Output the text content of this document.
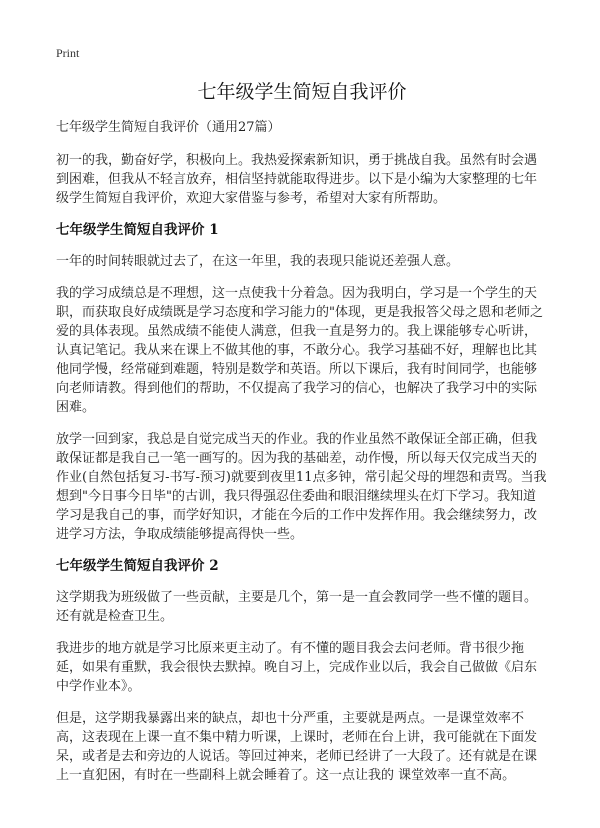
Print
七年级学生简短自我评价
七年级学生简短自我评价（通用27篇）

初一的我，勤奋好学，积极向上。我热爱探索新知识，勇于挑战自我。虽然有时会遇到困难，但我从不轻言放弃，相信坚持就能取得进步。以下是小编为大家整理的七年级学生简短自我评价，欢迎大家借鉴与参考，希望对大家有所帮助。

七年级学生简短自我评价 1

一年的时间转眼就过去了，在这一年里，我的表现只能说还差强人意。

我的学习成绩总是不理想，这一点使我十分着急。因为我明白，学习是一个学生的天职，而获取良好成绩既是学习态度和学习能力的"体现，更是我报答父母之恩和老师之爱的具体表现。虽然成绩不能使人满意，但我一直是努力的。我上课能够专心听讲，认真记笔记。我从来在课上不做其他的事，不敢分心。我学习基础不好，理解也比其他同学慢，经常碰到难题，特别是数学和英语。所以下课后，我有时间同学，也能够向老师请教。得到他们的帮助，不仅提高了我学习的信心，也解决了我学习中的实际困难。

放学一回到家，我总是自觉完成当天的作业。我的作业虽然不敢保证全部正确，但我敢保证都是我自己一笔一画写的。因为我的基础差，动作慢，所以每天仅完成当天的作业(自然包括复习-书写-预习)就要到夜里11点多钟，常引起父母的埋怨和责骂。当我想到"今日事今日毕"的古训，我只得强忍住委曲和眼泪继续埋头在灯下学习。我知道学习是我自己的事，而学好知识，才能在今后的工作中发挥作用。我会继续努力，改进学习方法，争取成绩能够提高得快一些。

七年级学生简短自我评价 2

这学期我为班级做了一些贡献，主要是几个，第一是一直会教同学一些不懂的题目。还有就是检查卫生。

我进步的地方就是学习比原来更主动了。有不懂的题目我会去问老师。背书很少拖延，如果有重默，我会很快去默掉。晚自习上，完成作业以后，我会自己做做《启东中学作业本》。

但是，这学期我暴露出来的缺点，却也十分严重，主要就是两点。一是课堂效率不高，这表现在上课一直不集中精力听课，上课时，老师在台上讲，我可能就在下面发呆，或者是去和旁边的人说话。等回过神来，老师已经讲了一大段了。还有就是在课上一直犯困，有时在一些副科上就会睡着了。这一点让我的 课堂效率一直不高。
